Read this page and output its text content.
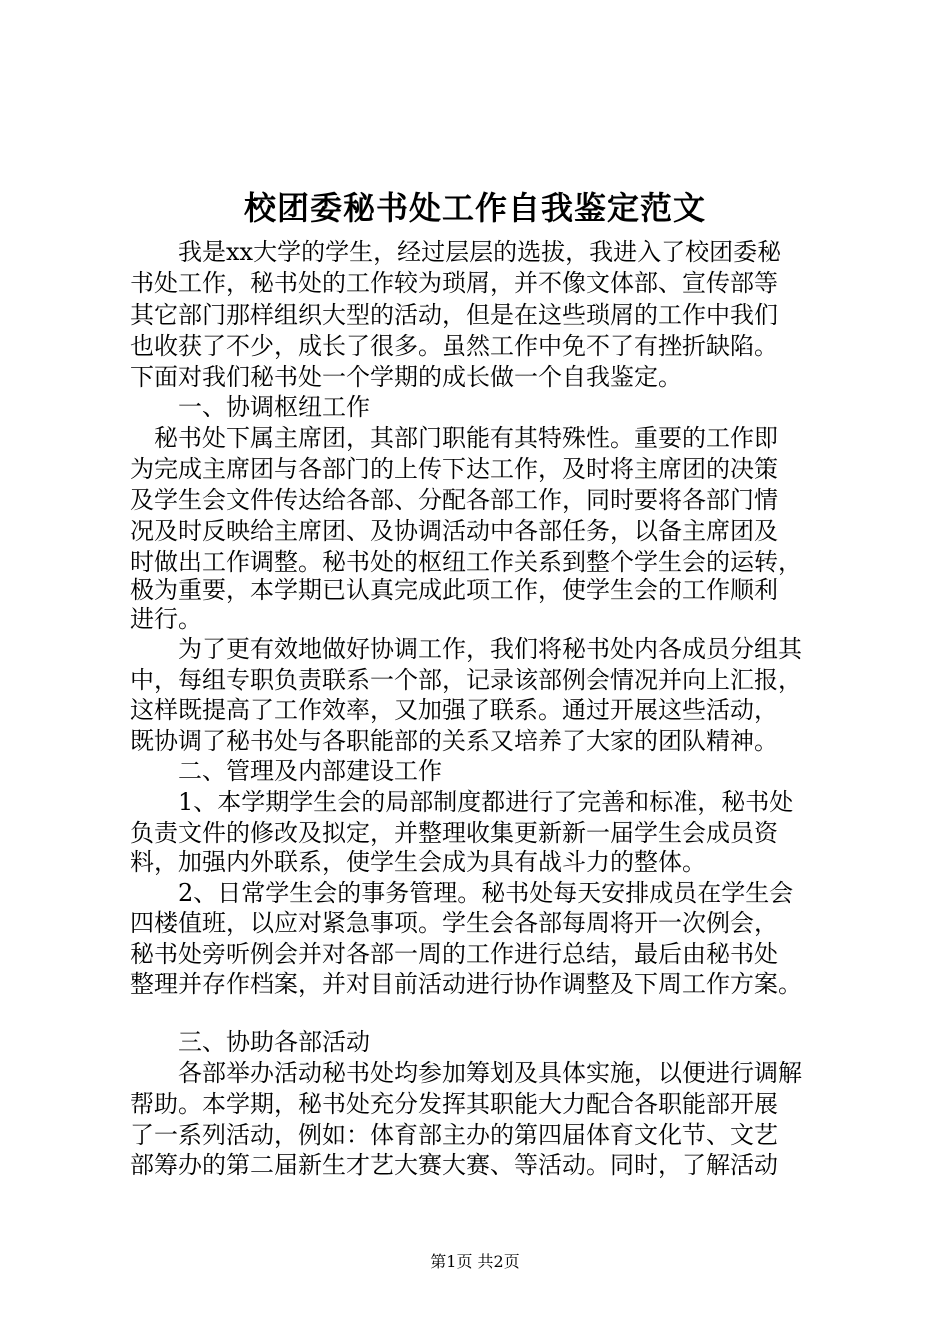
校团委秘书处工作自我鉴定范文

　　我是xx大学的学生，经过层层的选拔，我进入了校团委秘

书处工作，秘书处的工作较为琐屑，并不像文体部、宣传部等

其它部门那样组织大型的活动，但是在这些琐屑的工作中我们

也收获了不少，成长了很多。虽然工作中免不了有挫折缺陷。

下面对我们秘书处一个学期的成长做一个自我鉴定。

　　一、协调枢纽工作

　秘书处下属主席团，其部门职能有其特殊性。重要的工作即

为完成主席团与各部门的上传下达工作，及时将主席团的决策

及学生会文件传达给各部、分配各部工作，同时要将各部门情

况及时反映给主席团、及协调活动中各部任务，以备主席团及

时做出工作调整。秘书处的枢纽工作关系到整个学生会的运转，

极为重要，本学期已认真完成此项工作，使学生会的工作顺利

进行。

　　为了更有效地做好协调工作，我们将秘书处内各成员分组其

中，每组专职负责联系一个部，记录该部例会情况并向上汇报，

这样既提高了工作效率，又加强了联系。通过开展这些活动，

既协调了秘书处与各职能部的关系又培养了大家的团队精神。

　　二、管理及内部建设工作

　　1、本学期学生会的局部制度都进行了完善和标准，秘书处

负责文件的修改及拟定，并整理收集更新新一届学生会成员资

料，加强内外联系，使学生会成为具有战斗力的整体。

　　2、日常学生会的事务管理。秘书处每天安排成员在学生会

四楼值班，以应对紧急事项。学生会各部每周将开一次例会，

秘书处旁听例会并对各部一周的工作进行总结，最后由秘书处

整理并存作档案，并对目前活动进行协作调整及下周工作方案。

　　三、协助各部活动

　　各部举办活动秘书处均参加筹划及具体实施，以便进行调解

帮助。本学期，秘书处充分发挥其职能大力配合各职能部开展

了一系列活动，例如：体育部主办的第四届体育文化节、文艺

部筹办的第二届新生才艺大赛大赛、等活动。同时，了解活动

第1页 共2页
